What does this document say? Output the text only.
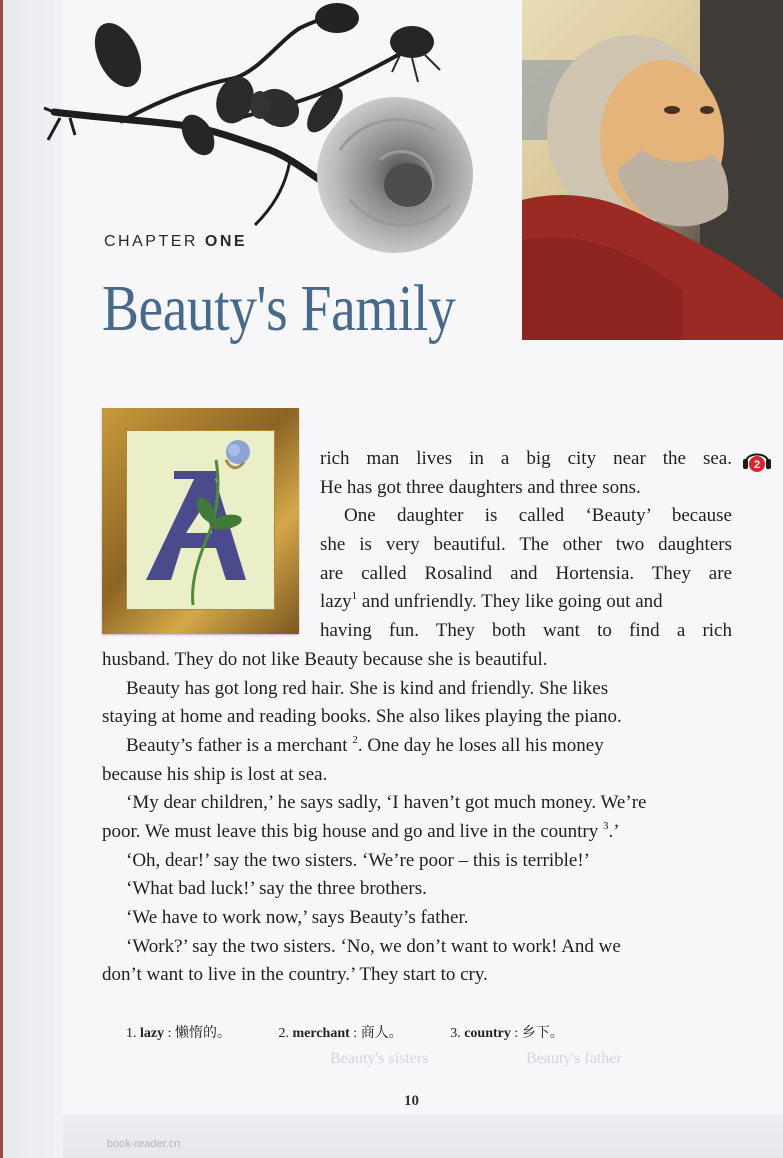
CHAPTER ONE
Beauty's Family
2
rich man lives in a big city near the sea.
He has got three daughters and three sons.
One daughter is called ‘Beauty’ because
she is very beautiful. The other two daughters
are called Rosalind and Hortensia. They are
lazy$^1$ and unfriendly. They like going out and
having fun. They both want to find a rich
husband. They do not like Beauty because she is beautiful.
Beauty has got long red hair. She is kind and friendly. She likes
staying at home and reading books. She also likes playing the piano.
Beauty’s father is a merchant $^2$. One day he loses all his money
because his ship is lost at sea.
‘My dear children,’ he says sadly, ‘I haven’t got much money. We’re
poor. We must leave this big house and go and live in the country $^3$.’
‘Oh, dear!’ say the two sisters. ‘We’re poor – this is terrible!’
‘What bad luck!’ say the three brothers.
‘We have to work now,’ says Beauty’s father.
‘Work?’ say the two sisters. ‘No, we don’t want to work! And we
don’t want to live in the country.’ They start to cry.
1. lazy : 懒惰的。	2. merchant : 商人。	3. country : 乡下。
Beauty's father
Beauty's sisters
10
book-reader.cn
